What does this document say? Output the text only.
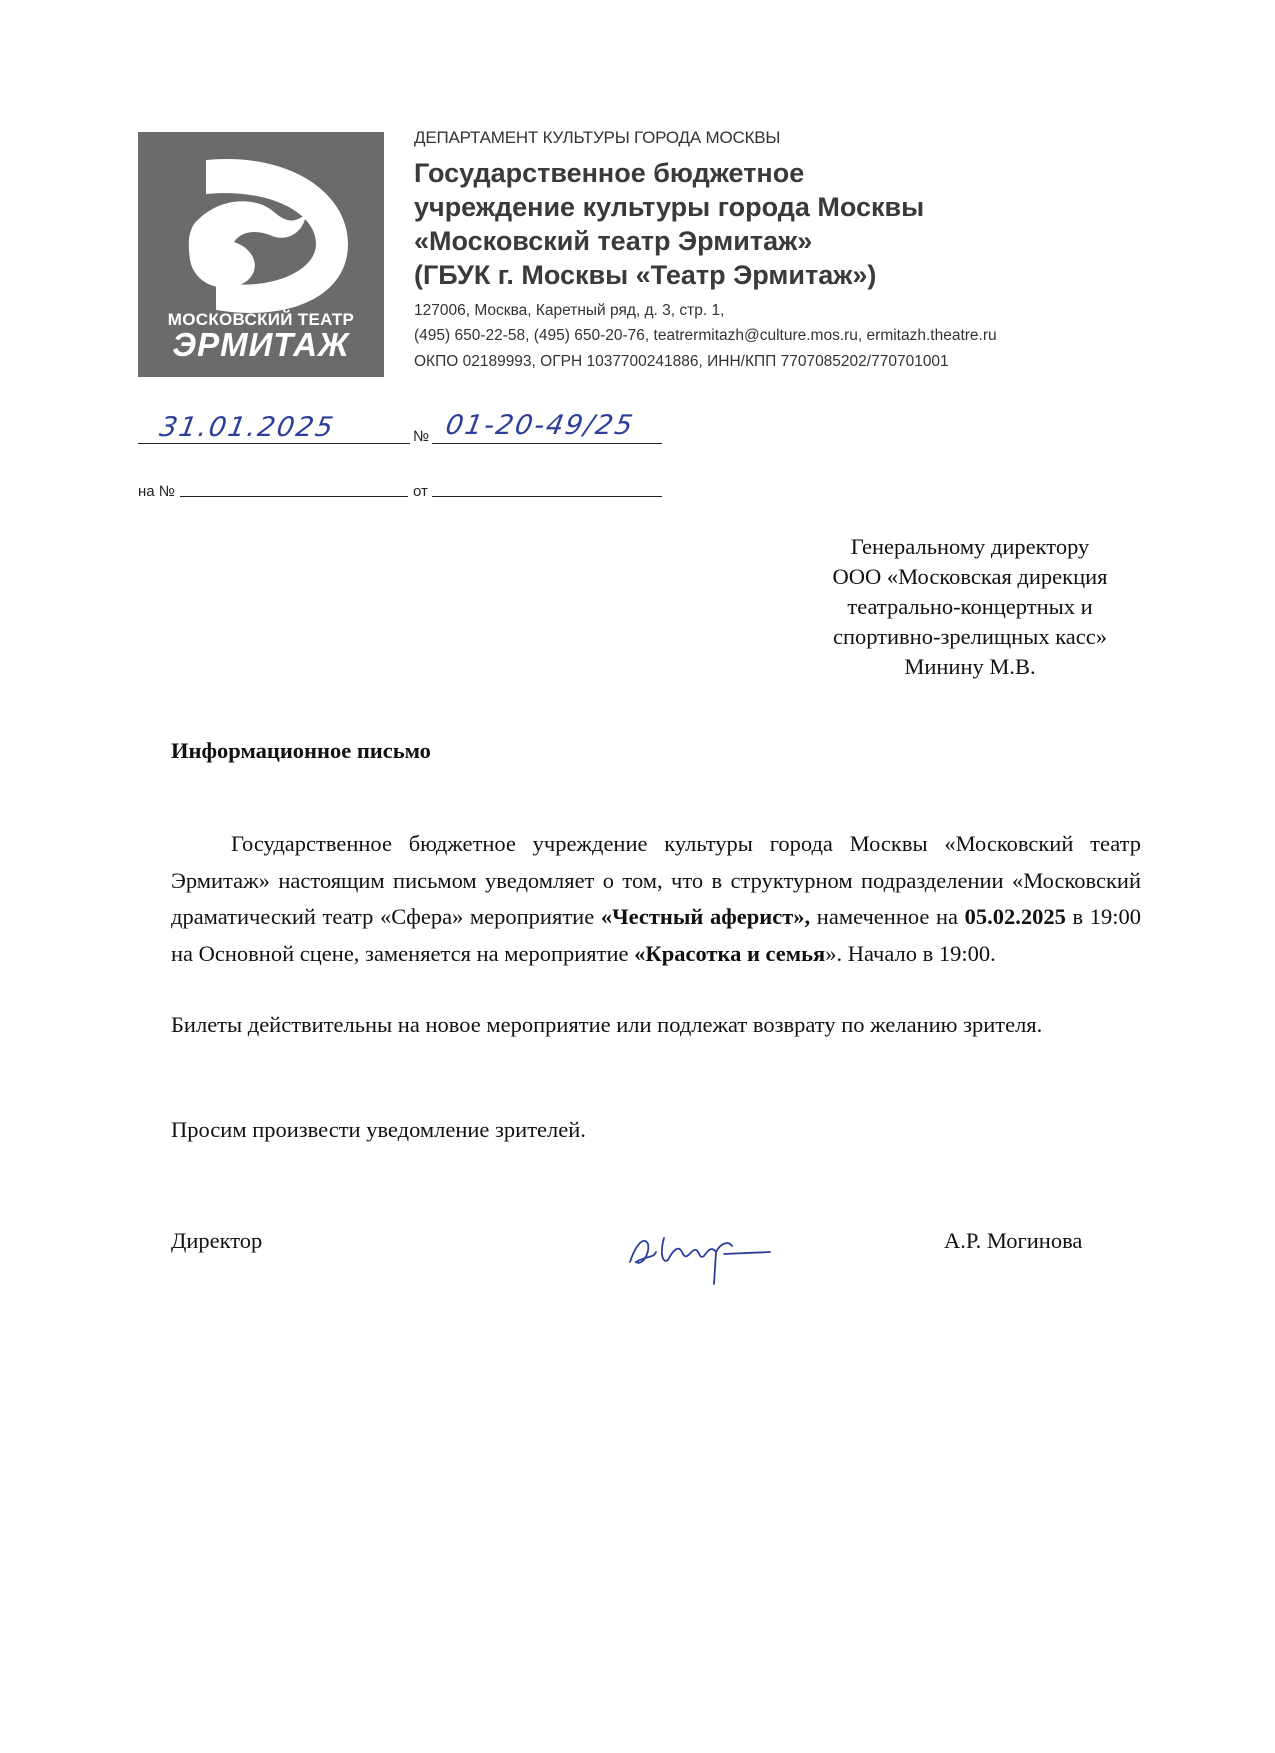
МОСКОВСКИЙ ТЕАТР
ЭРМИТАЖ
ДЕПАРТАМЕНТ КУЛЬТУРЫ ГОРОДА МОСКВЫ
Государственное бюджетное
учреждение культуры города Москвы
«Московский театр Эрмитаж»
(ГБУК г. Москвы «Театр Эрмитаж»)
127006, Москва, Каретный ряд, д. 3, стр. 1,
(495) 650-22-58, (495) 650-20-76, teatrermitazh@culture.mos.ru, ermitazh.theatre.ru
ОКПО 02189993, ОГРН 1037700241886, ИНН/КПП 7707085202/770701001
31.01.2025	№ 01-20-49/25
на №	от
Генеральному директору
ООО «Московская дирекция
театрально-концертных и
спортивно-зрелищных касс»
Минину М.В.
Информационное письмо
Государственное бюджетное учреждение культуры города Москвы «Московский театр Эрмитаж» настоящим письмом уведомляет о том, что в структурном подразделении «Московский драматический театр «Сфера» мероприятие «Честный аферист», намеченное на 05.02.2025 в 19:00 на Основной сцене, заменяется на мероприятие «Красотка и семья». Начало в 19:00.
Билеты действительны на новое мероприятие или подлежат возврату по желанию зрителя.
Просим произвести уведомление зрителей.
Директор	А.Р. Могинова
